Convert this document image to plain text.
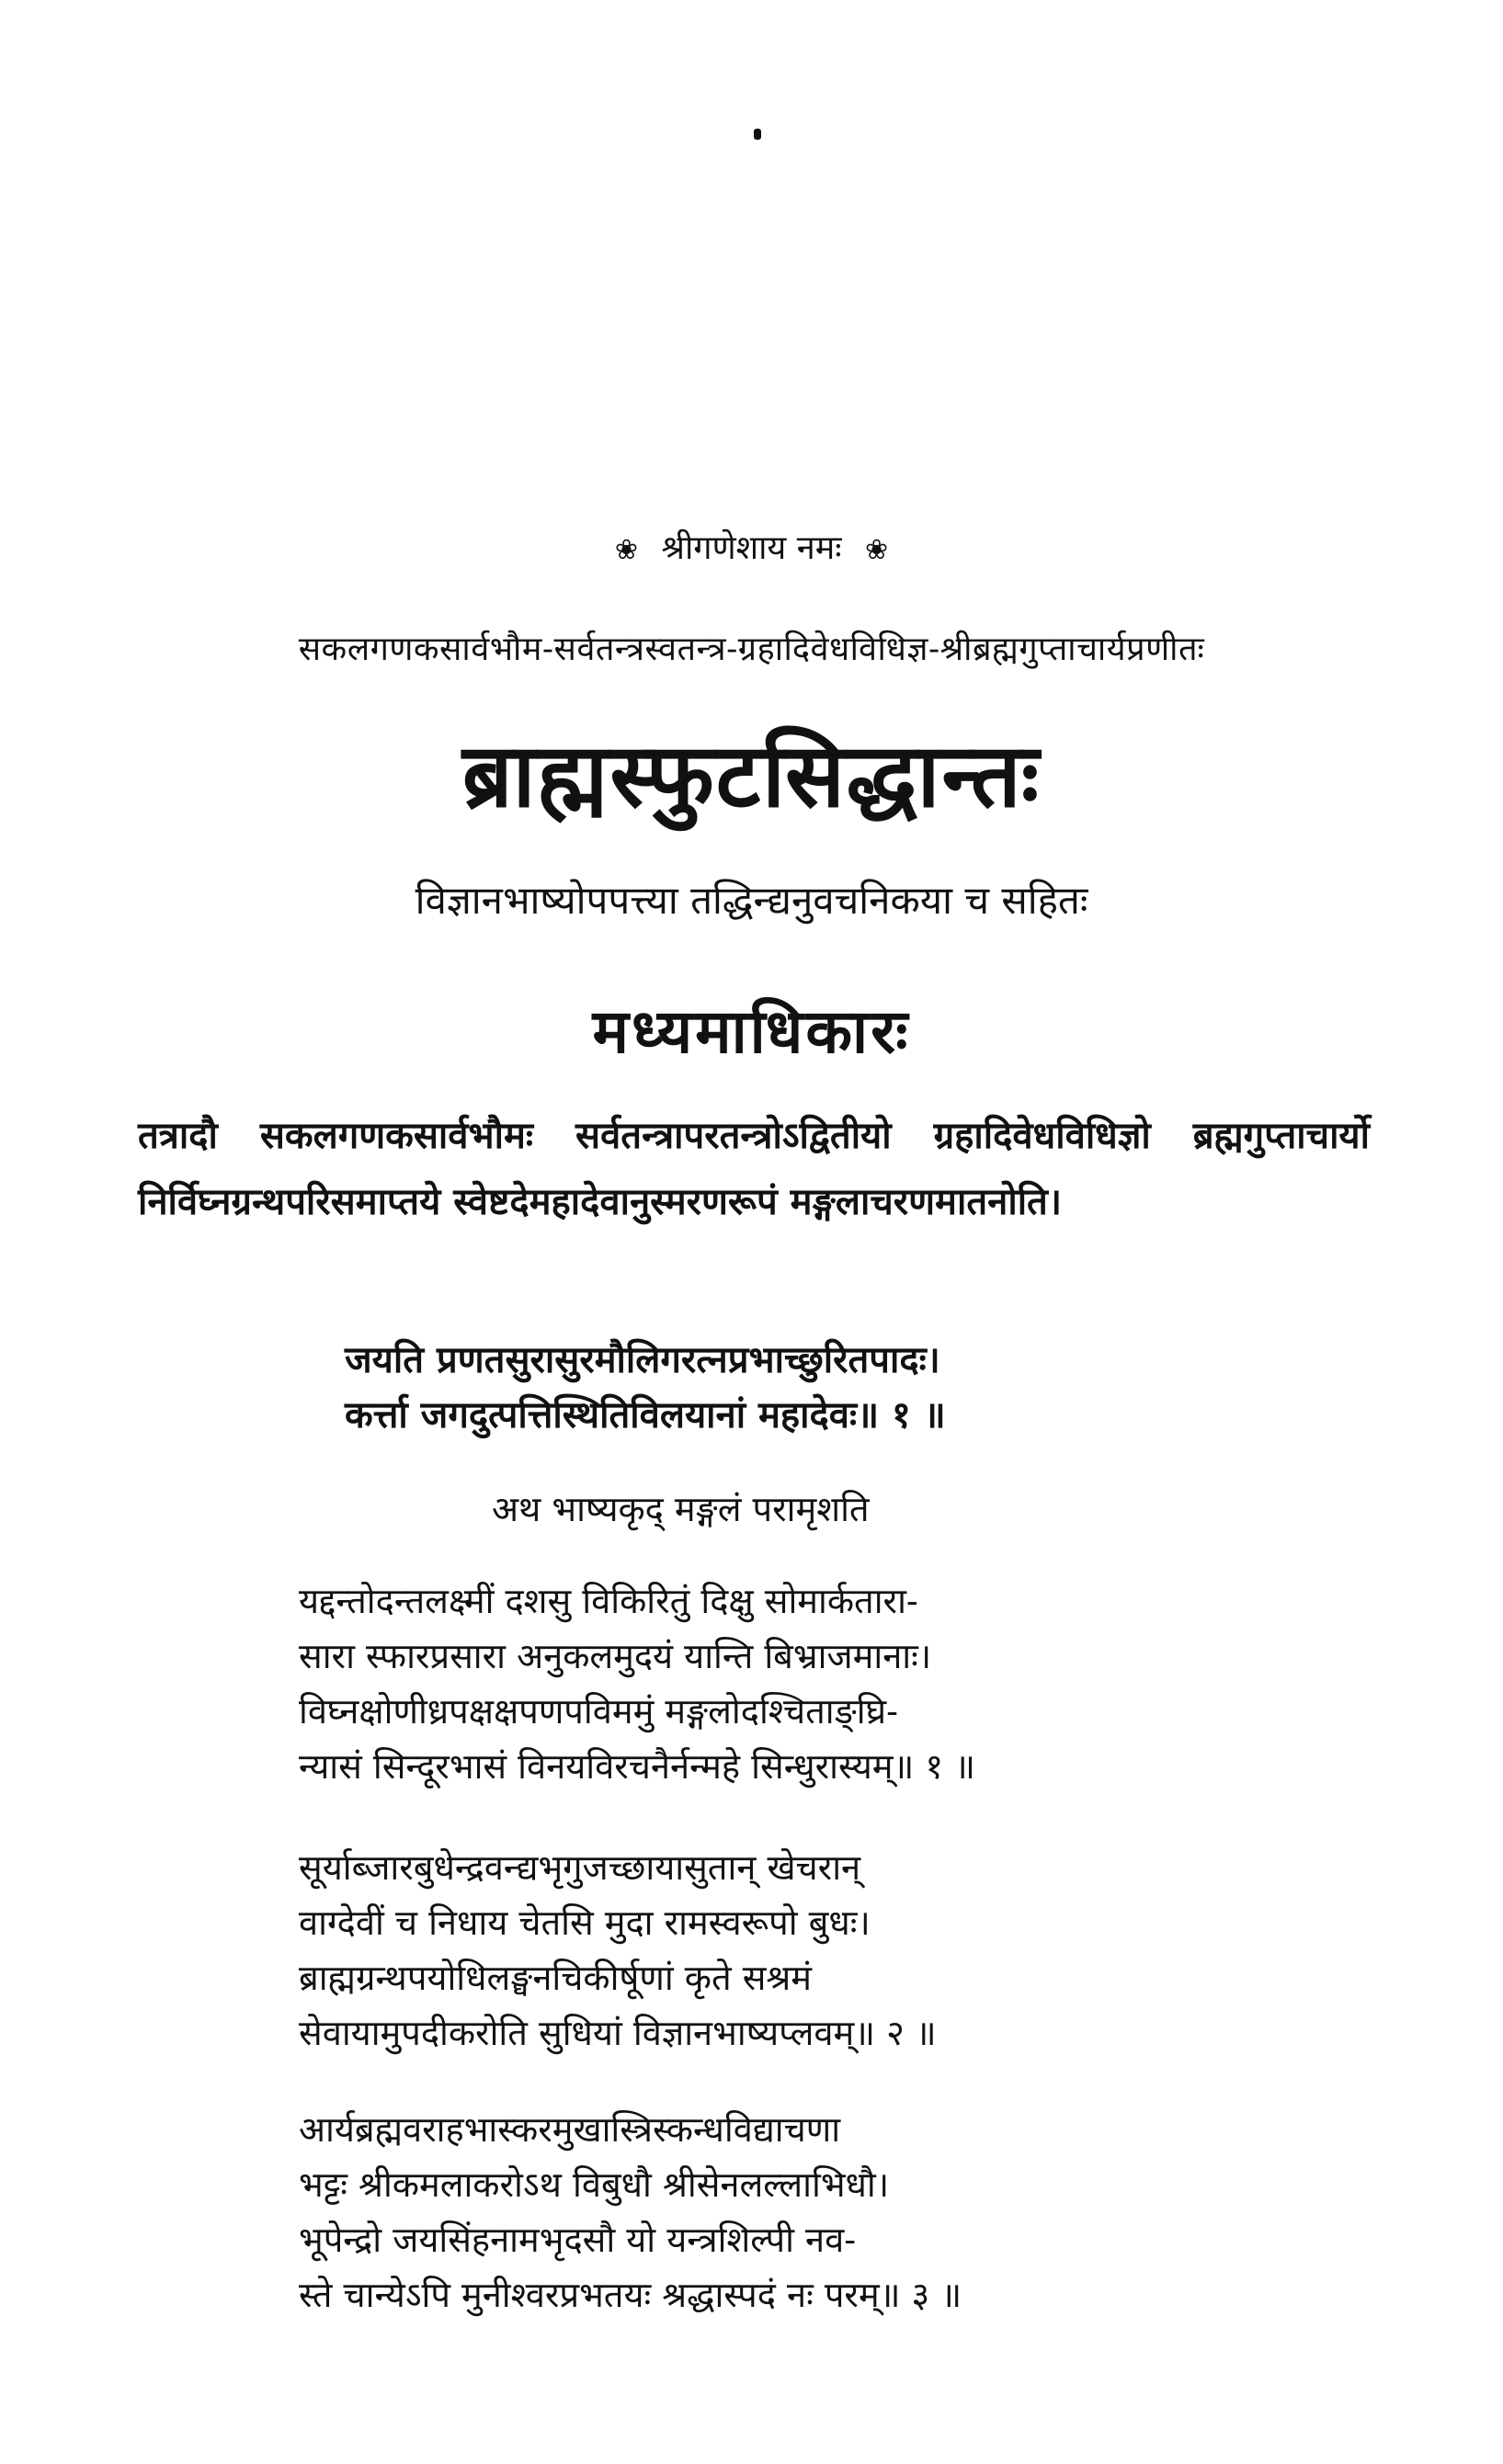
❀ श्रीगणेशाय नमः ❀
सकलगणकसार्वभौम-सर्वतन्त्रस्वतन्त्र-ग्रहादिवेधविधिज्ञ-श्रीब्रह्मगुप्ताचार्यप्रणीतः
ब्राह्मस्फुटसिद्धान्तः
विज्ञानभाष्योपपत्त्या तद्धिन्द्यनुवचनिकया च सहितः
मध्यमाधिकारः
तत्रादौ सकलगणकसार्वभौमः सर्वतन्त्रापरतन्त्रोऽद्वितीयो ग्रहादिवेधविधिज्ञो ब्रह्मगुप्ताचार्यो निर्विघ्नग्रन्थपरिसमाप्तये स्वेष्टदेमहादेवानुस्मरणरूपं मङ्गलाचरणमातनोति।
जयति प्रणतसुरासुरमौलिगरत्नप्रभाच्छुरितपादः।
कर्त्ता जगदुत्पत्तिस्थितिविलयानां महादेवः॥ १ ॥
अथ भाष्यकृद् मङ्गलं परामृशति
यद्दन्तोदन्तलक्ष्मीं दशसु विकिरितुं दिक्षु सोमार्कतारा-
सारा स्फारप्रसारा अनुकलमुदयं यान्ति बिभ्राजमानाः।
विघ्नक्षोणीध्रपक्षक्षपणपविममुं मङ्गलोदश्चिताङ्घ्रि-
न्यासं सिन्दूरभासं विनयविरचनैर्नन्महे सिन्धुरास्यम्॥ १ ॥
सूर्याब्जारबुधेन्द्रवन्द्यभृगुजच्छायासुतान् खेचरान्
वाग्देवीं च निधाय चेतसि मुदा रामस्वरूपो बुधः।
ब्राह्मग्रन्थपयोधिलङ्घनचिकीर्षूणां कृते सश्रमं
सेवायामुपदीकरोति सुधियां विज्ञानभाष्यप्लवम्॥ २ ॥
आर्यब्रह्मवराहभास्करमुखास्त्रिस्कन्धविद्याचणा
भट्टः श्रीकमलाकरोऽथ विबुधौ श्रीसेनलल्लाभिधौ।
भूपेन्द्रो जयसिंहनामभृदसौ यो यन्त्रशिल्पी नव-
स्ते चान्येऽपि मुनीश्वरप्रभतयः श्रद्धास्पदं नः परम्॥ ३ ॥
